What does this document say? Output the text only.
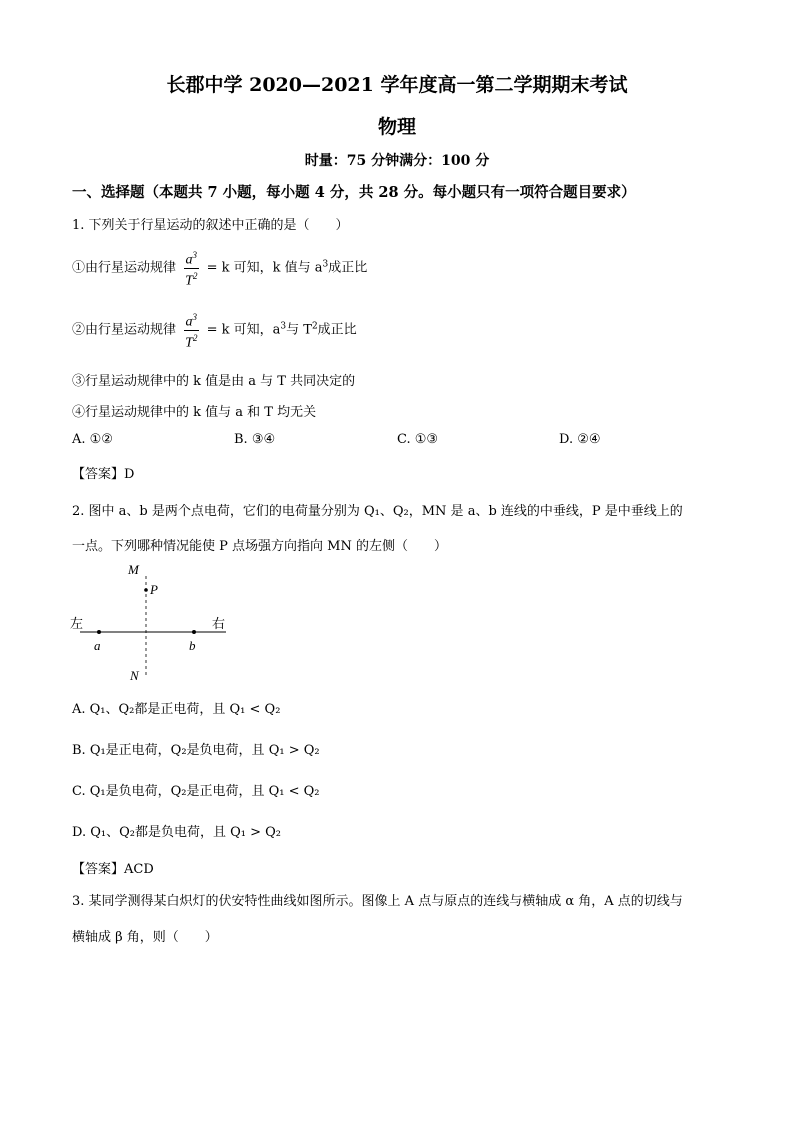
长郡中学 2020—2021 学年度高一第二学期期末考试
物理
时量：75 分钟满分：100 分
一、选择题（本题共 7 小题，每小题 4 分，共 28 分。每小题只有一项符合题目要求）
1. 下列关于行星运动的叙述中正确的是（　　）
①由行星运动规律 $\frac{a^3}{T^2} = k$ 可知，k 值与 $a^3$成正比
②由行星运动规律 $\frac{a^3}{T^2} = k$ 可知，$a^3$与 $T^2$成正比
③行星运动规律中的 k 值是由 a 与 T 共同决定的
④行星运动规律中的 k 值与 a 和 T 均无关
A. ①②	B. ③④	C. ①③	D. ②④
【答案】D
2. 图中 a、b 是两个点电荷，它们的电荷量分别为 Q₁、Q₂，MN 是 a、b 连线的中垂线，P 是中垂线上的
一点。下列哪种情况能使 P 点场强方向指向 MN 的左侧（　　）
M
P
N
左	右
a	b
A. Q₁、Q₂都是正电荷，且 Q₁ < Q₂
B. Q₁是正电荷，Q₂是负电荷，且 Q₁ > Q₂
C. Q₁是负电荷，Q₂是正电荷，且 Q₁ < Q₂
D. Q₁、Q₂都是负电荷，且 Q₁ > Q₂
【答案】ACD
3. 某同学测得某白炽灯的伏安特性曲线如图所示。图像上 A 点与原点的连线与横轴成 α 角，A 点的切线与
横轴成 β 角，则（　　）
